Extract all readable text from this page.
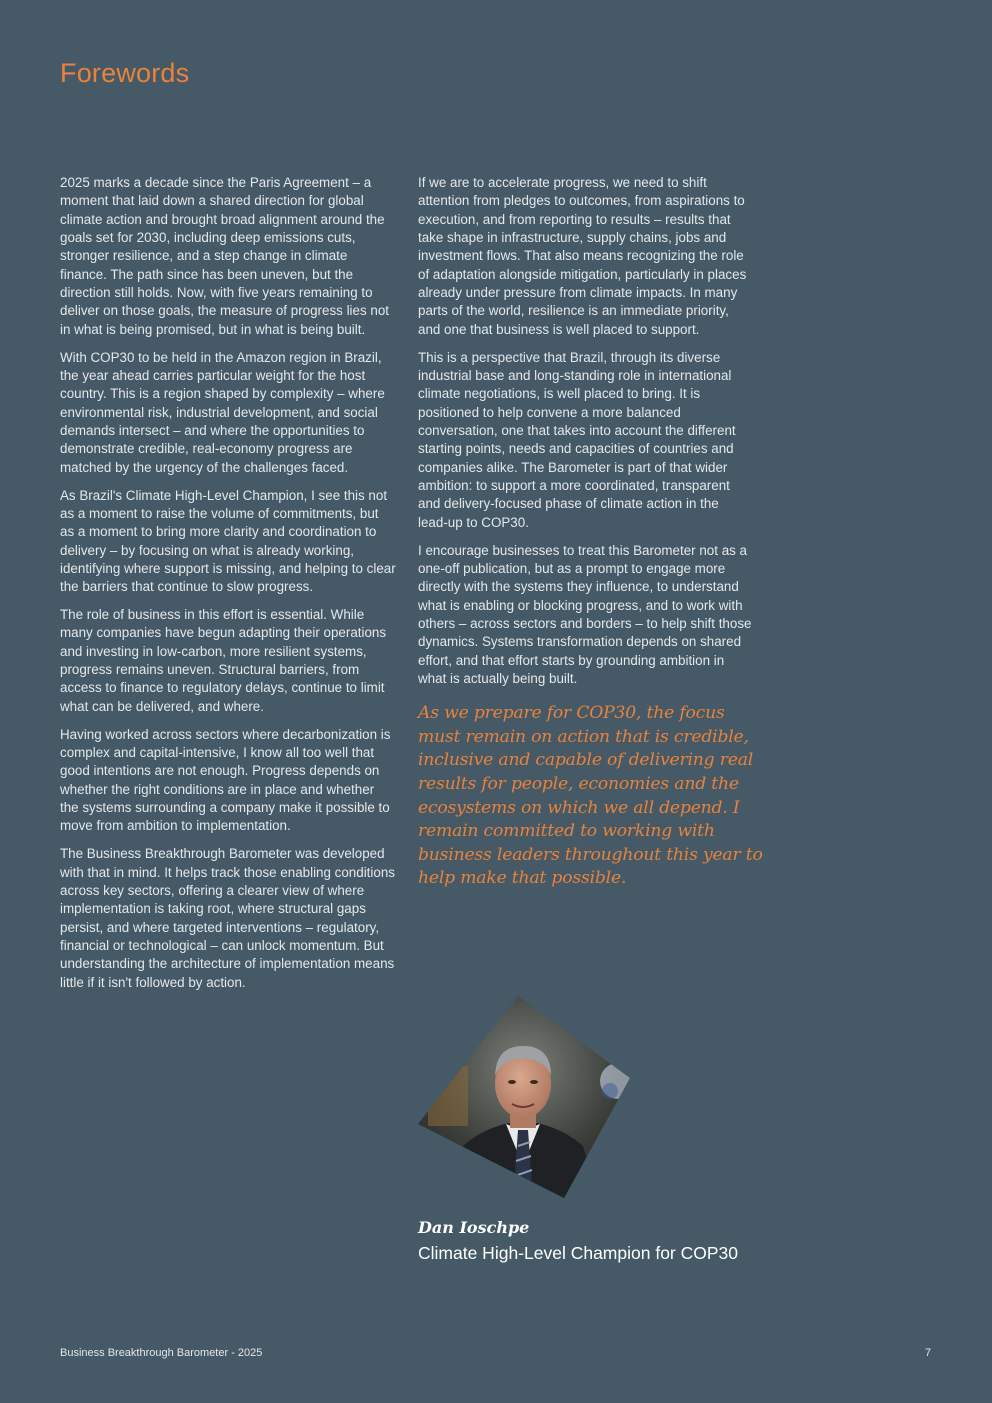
Forewords

2025 marks a decade since the Paris Agreement – a moment that laid down a shared direction for global climate action and brought broad alignment around the goals set for 2030, including deep emissions cuts, stronger resilience, and a step change in climate finance. The path since has been uneven, but the direction still holds. Now, with five years remaining to deliver on those goals, the measure of progress lies not in what is being promised, but in what is being built.

With COP30 to be held in the Amazon region in Brazil, the year ahead carries particular weight for the host country. This is a region shaped by complexity – where environmental risk, industrial development, and social demands intersect – and where the opportunities to demonstrate credible, real-economy progress are matched by the urgency of the challenges faced.

As Brazil's Climate High-Level Champion, I see this not as a moment to raise the volume of commitments, but as a moment to bring more clarity and coordination to delivery – by focusing on what is already working, identifying where support is missing, and helping to clear the barriers that continue to slow progress.

The role of business in this effort is essential. While many companies have begun adapting their operations and investing in low-carbon, more resilient systems, progress remains uneven. Structural barriers, from access to finance to regulatory delays, continue to limit what can be delivered, and where.

Having worked across sectors where decarbonization is complex and capital-intensive, I know all too well that good intentions are not enough. Progress depends on whether the right conditions are in place and whether the systems surrounding a company make it possible to move from ambition to implementation.

The Business Breakthrough Barometer was developed with that in mind. It helps track those enabling conditions across key sectors, offering a clearer view of where implementation is taking root, where structural gaps persist, and where targeted interventions – regulatory, financial or technological – can unlock momentum. But understanding the architecture of implementation means little if it isn't followed by action.

If we are to accelerate progress, we need to shift attention from pledges to outcomes, from aspirations to execution, and from reporting to results – results that take shape in infrastructure, supply chains, jobs and investment flows. That also means recognizing the role of adaptation alongside mitigation, particularly in places already under pressure from climate impacts. In many parts of the world, resilience is an immediate priority, and one that business is well placed to support.

This is a perspective that Brazil, through its diverse industrial base and long-standing role in international climate negotiations, is well placed to bring. It is positioned to help convene a more balanced conversation, one that takes into account the different starting points, needs and capacities of countries and companies alike. The Barometer is part of that wider ambition: to support a more coordinated, transparent and delivery-focused phase of climate action in the lead-up to COP30.

I encourage businesses to treat this Barometer not as a one-off publication, but as a prompt to engage more directly with the systems they influence, to understand what is enabling or blocking progress, and to work with others – across sectors and borders – to help shift those dynamics. Systems transformation depends on shared effort, and that effort starts by grounding ambition in what is actually being built.

As we prepare for COP30, the focus must remain on action that is credible, inclusive and capable of delivering real results for people, economies and the ecosystems on which we all depend. I remain committed to working with business leaders throughout this year to help make that possible.
Dan Ioschpe
Climate High-Level Champion for COP30
Business Breakthrough Barometer - 2025	7
